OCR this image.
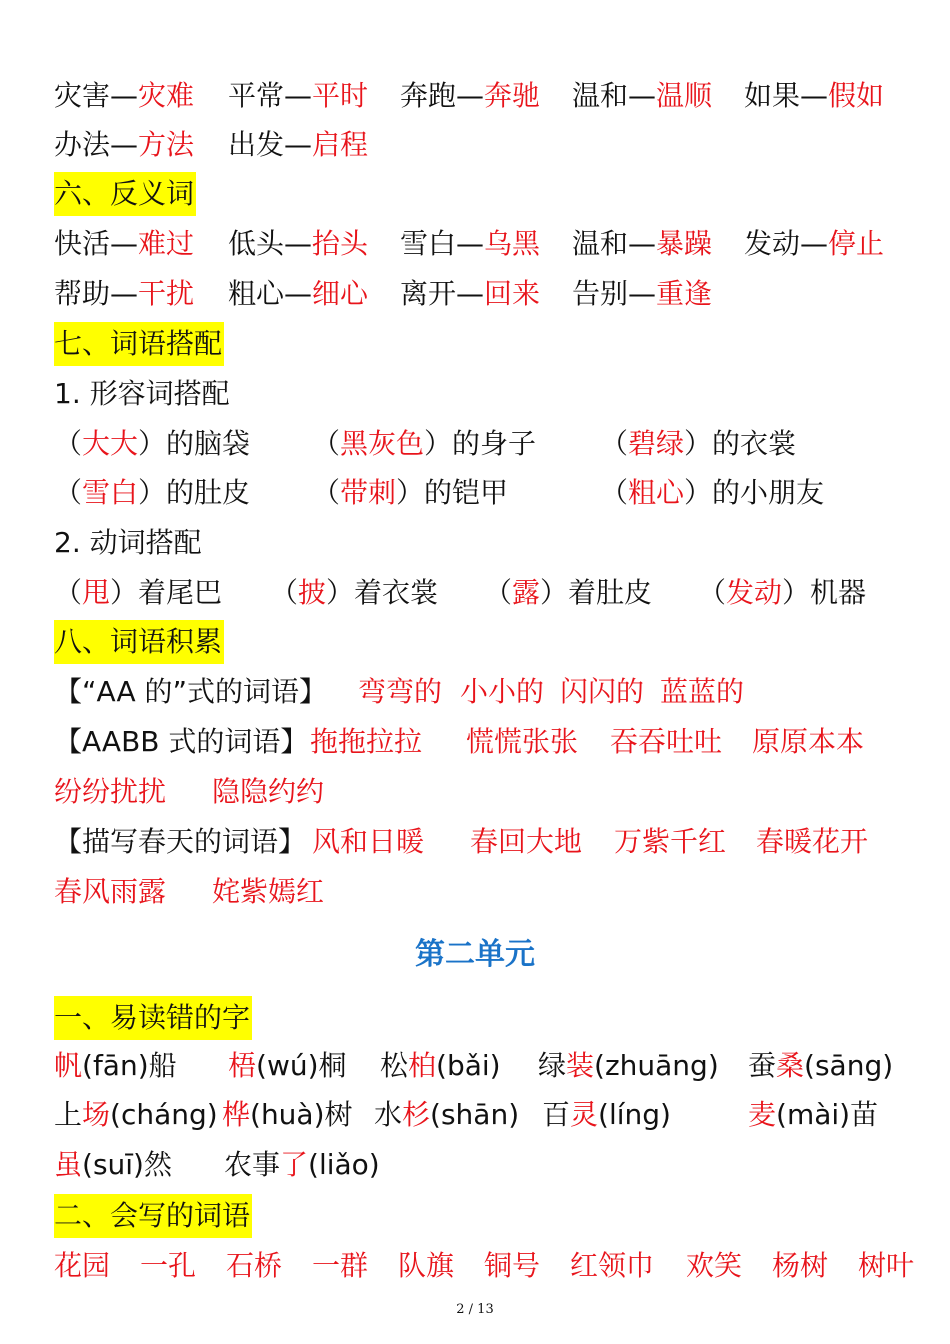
灾害—灾难 平常—平时 奔跑—奔驰 温和—温顺 如果—假如
办法—方法 出发—启程
六、反义词
快活—难过 低头—抬头 雪白—乌黑 温和—暴躁 发动—停止
帮助—干扰 粗心—细心 离开—回来 告别—重逢
七、词语搭配
1. 形容词搭配
（大大）的脑袋 （黑灰色）的身子 （碧绿）的衣裳
（雪白）的肚皮 （带刺）的铠甲	（粗心）的小朋友
2. 动词搭配
（甩）着尾巴 （披）着衣裳 （露）着肚皮 （发动）机器
八、词语积累
【“AA 的”式的词语】 弯弯的 小小的 闪闪的 蓝蓝的
【AABB 式的词语】 拖拖拉拉 慌慌张张 吞吞吐吐 原原本本
纷纷扰扰 隐隐约约
【描写春天的词语】 风和日暖 春回大地 万紫千红 春暖花开
春风雨露 姹紫嫣红
第二单元
一、易读错的字
帆(fān)船 梧(wú)桐 松柏(bǎi) 绿装(zhuāng) 蚕桑(sāng)
上场(cháng) 桦(huà)树 水杉(shān) 百灵(líng)	麦(mài)苗
虽(suī)然 农事了(liǎo)
二、会写的词语
花园 一孔 石桥 一群 队旗 铜号 红领巾 欢笑 杨树 树叶
2 / 13
